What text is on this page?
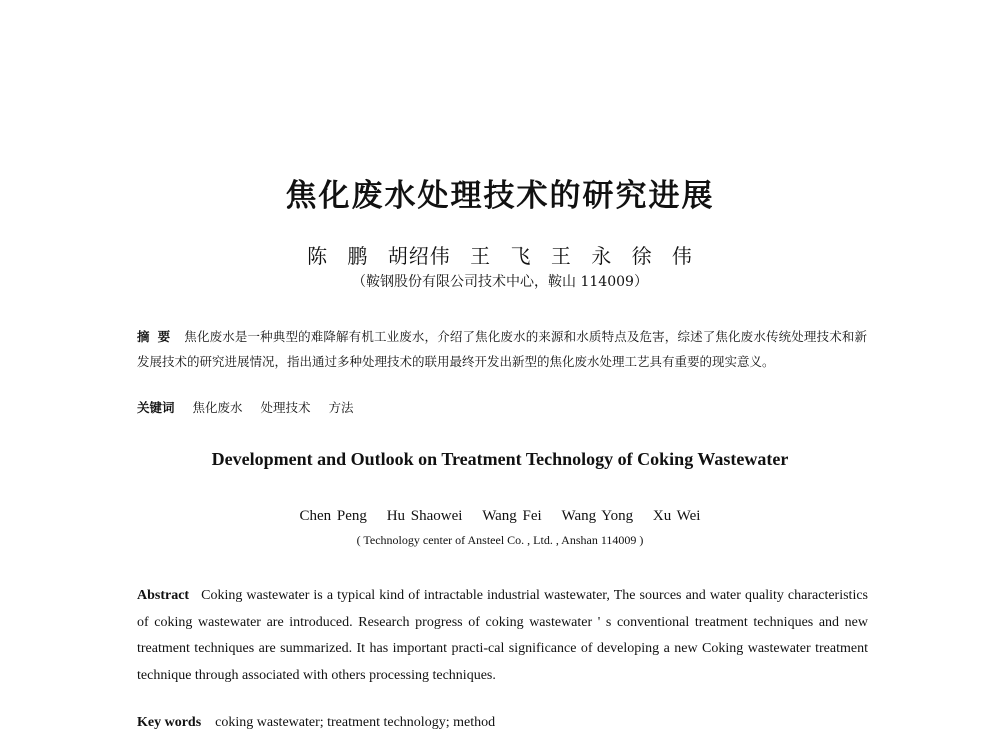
焦化废水处理技术的研究进展
陈 鹏 胡绍伟 王 飞 王 永 徐 伟
（鞍钢股份有限公司技术中心，鞍山 114009）
摘要 焦化废水是一种典型的难降解有机工业废水，介绍了焦化废水的来源和水质特点及危害，综述了焦化废水传统处理技术和新发展技术的研究进展情况，指出通过多种处理技术的联用最终开发出新型的焦化废水处理工艺具有重要的现实意义。
关键词 焦化废水 处理技术 方法
Development and Outlook on Treatment Technology of Coking Wastewater
Chen Peng Hu Shaowei Wang Fei Wang Yong Xu Wei
( Technology center of Ansteel Co. , Ltd. , Anshan 114009 )
Abstract Coking wastewater is a typical kind of intractable industrial wastewater, The sources and water quality characteristics of coking wastewater are introduced. Research progress of coking wastewater ' s conventional treatment techniques and new treatment techniques are summarized. It has important practi-cal significance of developing a new Coking wastewater treatment technique through associated with others processing techniques.
Key words coking wastewater; treatment technology; method
